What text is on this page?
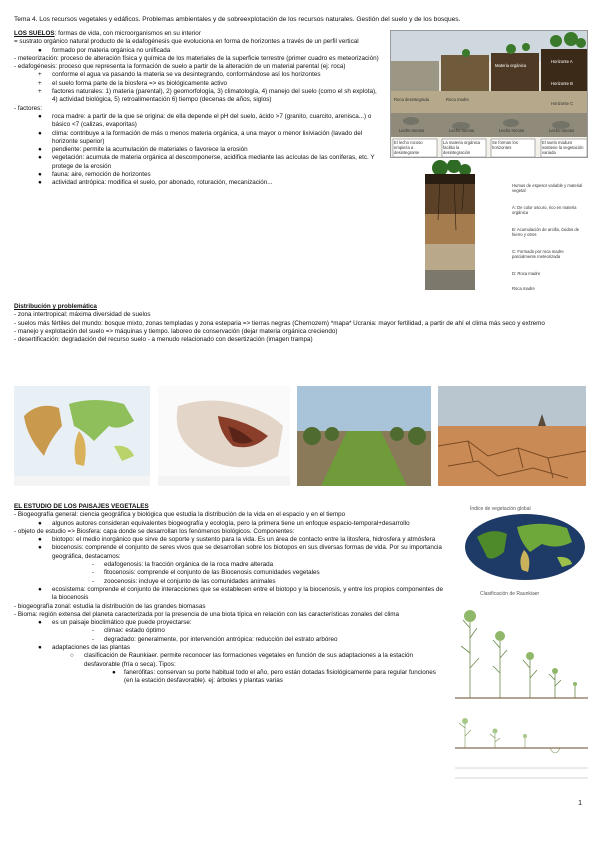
Tema 4. Los recursos vegetales y edáficos. Problemas ambientales y de sobreexplotación de los recursos naturales. Gestión del suelo y de los bosques.
LOS SUELOS: formas de vida, con microorganismos en su interior
= sustrato orgánico natural producto de la edafogénesis que evoluciona en forma de horizontes a través de un perfil vertical
● formado por materia orgánica no unificada
- meteorización: proceso de alteración física y química de los materiales de la superficie terrestre (primer cuadro es meteorización)
- edafogénesis: proceso que representa la formación de suelo a partir de la alteración de un material parental (ej: roca)
+ conforme el agua va pasando la materia se va desintegrando, conformándose así los horizontes
+ el suelo forma parte de la biosfera => es biológicamente activo
+ factores naturales: 1) materia (parental), 2) geomorfología, 3) climatología, 4) manejo del suelo (como el sh explota), 4) actividad biológica, 5) retroalimentación 6) tiempo (decenas de años, siglos)
- factores:
● roca madre: a partir de la que se origina: de ella depende el pH del suelo, ácido >7 (granito, cuarcito, arenisca...) o básico <7 (calizas, evaporitas)
● clima: contribuye a la formación de más o menos materia orgánica, a una mayor o menor lixiviación (lavado del horizonte superior)
● pendiente: permite la acumulación de materiales o favorece la erosión
● vegetación: acumula de materia orgánica al descomponerse, acidifica mediante las acículas de las coníferas, etc. Y protege de la erosión
● fauna: aire, remoción de horizontes
● actividad antrópica: modifica el suelo, por abonado, roturación, mecanización...
El lecho rocoso empieza a desintegrarse
La materia orgánica facilita la desintegración
Se forman los horizontes
El suelo maduro sostiene la vegetación variada
Roca desintegrada	Roca madre
Materia orgánica
Horizonte A
Horizonte B
Horizonte C
Lecho rocoso	Lecho rocoso	Lecho rocoso	Lecho rocoso
Humus de espesor variable y material vegetal
A: De color oscuro, rico en materia orgánica
B: Acumulación de arcilla, óxidos de hierro y otros
C: Formado por roca madre parcialmente meteorizada
D: Roca madre
Roca madre
Distribución y problemática
- zona intertropical: máxima diversidad de suelos
- suelos más fértiles del mundo: bosque mixto, zonas templadas y zona esteparia => tierras negras (Chernozem) *mapa* Ucrania: mayor fertilidad, a partir de ahí el clima más seco y extremo
- manejo y explotación del suelo => máquinas y tiempo. laboreo de conservación (dejar materia orgánica creciendo)
- desertificación: degradación del recurso suelo - a menudo relacionado con desertización (imagen trampa)
EL ESTUDIO DE LOS PAISAJES VEGETALES
- Biogeografía general: ciencia geográfica y biológica que estudia la distribución de la vida en el espacio y en el tiempo
● algunos autores consideran equivalentes biogeografía y ecología, pero la primera tiene un enfoque espacio-temporal+desarrollo
- objeto de estudio => Biosfera: capa donde se desarrollan los fenómenos biológicos. Componentes:
● biotopo: el medio inorgánico que sirve de soporte y sustento para la vida. Es un área de contacto entre la litosfera, hidrosfera y atmósfera
● biocenosis: comprende el conjunto de seres vivos que se desarrollan sobre los biotopos en sus diversas formas de vida. Por su importancia geográfica, destacamos:
- edafogenosis: la fracción orgánica de la roca madre alterada
- fitocenosis: comprende el conjunto de las Biocenosis comunidades vegetales
- zoocenosis: incluye el conjunto de las comunidades animales
● ecosistema: comprende el conjunto de interacciones que se establecen entre el biotopo y la biocenosis, y entre los propios componentes de la biocenosis
- biogeografía zonal: estudia la distribución de las grandes biomasas
- Bioma: región extensa del planeta caracterizada por la presencia de una biota típica en relación con las características zonales del clima
● es un paisaje bioclimático que puede proyectarse:
- climax: estado óptimo
- degradado: generalmente, por intervención antrópica: reducción del estrato arbóreo
● adaptaciones de las plantas
○ clasificación de Raunkiaer. permite reconocer las formaciones vegetales en función de sus adaptaciones a la estación desfavorable (fría o seca). Tipos:
● fanerófitas: conservan su porte habitual todo el año, pero están dotadas fisiológicamente para regular funciones (en la estación desfavorable). ej: árboles y plantas varias
Índice de vegetación global
Clasificación de Raunkiaer
1
